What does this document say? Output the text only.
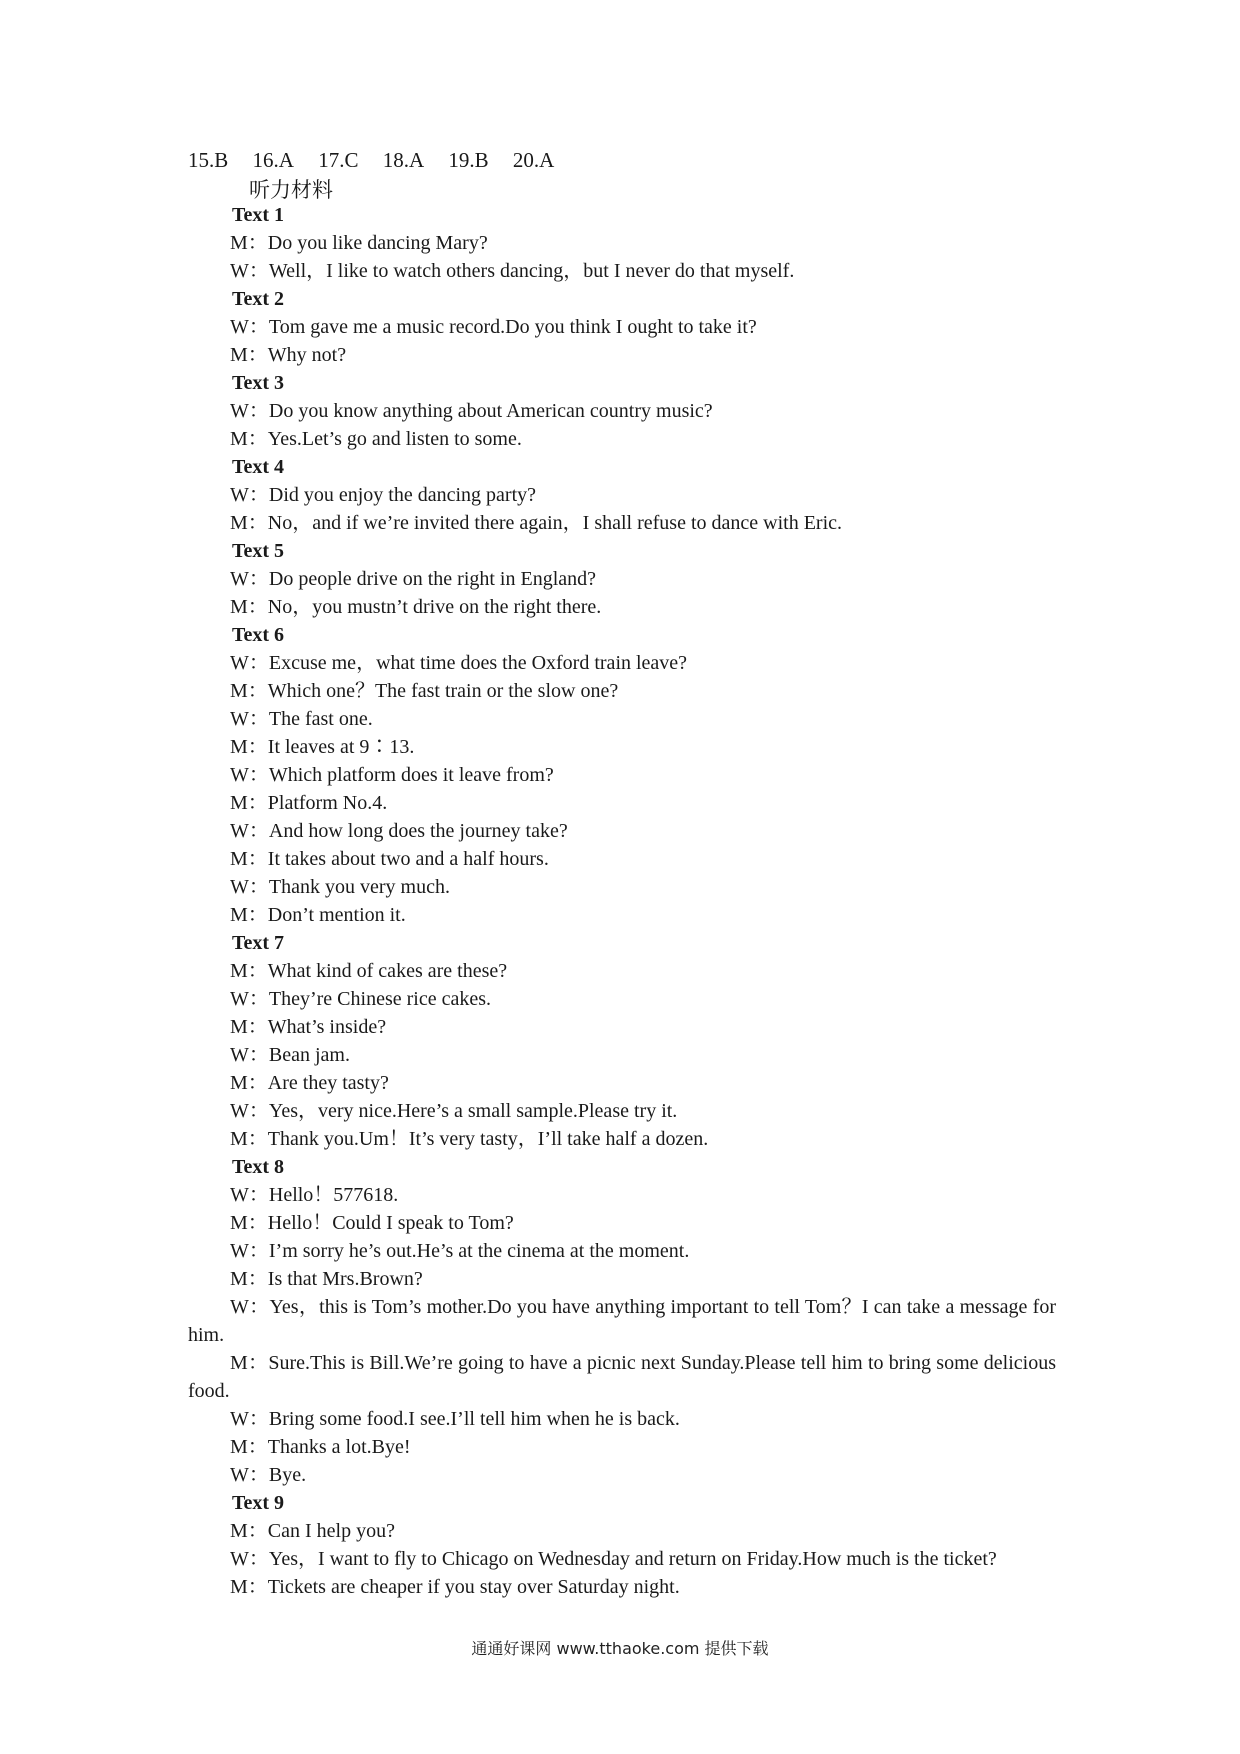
15.B 16.A 17.C 18.A 19.B 20.A
听力材料
Text 1
M：Do you like dancing Mary?
W：Well，I like to watch others dancing，but I never do that myself.
Text 2
W：Tom gave me a music record.Do you think I ought to take it?
M：Why not?
Text 3
W：Do you know anything about American country music?
M：Yes.Let’s go and listen to some.
Text 4
W：Did you enjoy the dancing party?
M：No，and if we’re invited there again，I shall refuse to dance with Eric.
Text 5
W：Do people drive on the right in England?
M：No，you mustn’t drive on the right there.
Text 6
W：Excuse me，what time does the Oxford train leave?
M：Which one？The fast train or the slow one?
W：The fast one.
M：It leaves at 9∶13.
W：Which platform does it leave from?
M：Platform No.4.
W：And how long does the journey take?
M：It takes about two and a half hours.
W：Thank you very much.
M：Don’t mention it.
Text 7
M：What kind of cakes are these?
W：They’re Chinese rice cakes.
M：What’s inside?
W：Bean jam.
M：Are they tasty?
W：Yes，very nice.Here’s a small sample.Please try it.
M：Thank you.Um！It’s very tasty，I’ll take half a dozen.
Text 8
W：Hello！577618.
M：Hello！Could I speak to Tom?
W：I’m sorry he’s out.He’s at the cinema at the moment.
M：Is that Mrs.Brown?
W：Yes，this is Tom’s mother.Do you have anything important to tell Tom？I can take a message for him.
M：Sure.This is Bill.We’re going to have a picnic next Sunday.Please tell him to bring some delicious food.
W：Bring some food.I see.I’ll tell him when he is back.
M：Thanks a lot.Bye!
W：Bye.
Text 9
M：Can I help you?
W：Yes，I want to fly to Chicago on Wednesday and return on Friday.How much is the ticket?
M：Tickets are cheaper if you stay over Saturday night.
通通好课网 www.tthaoke.com 提供下载
